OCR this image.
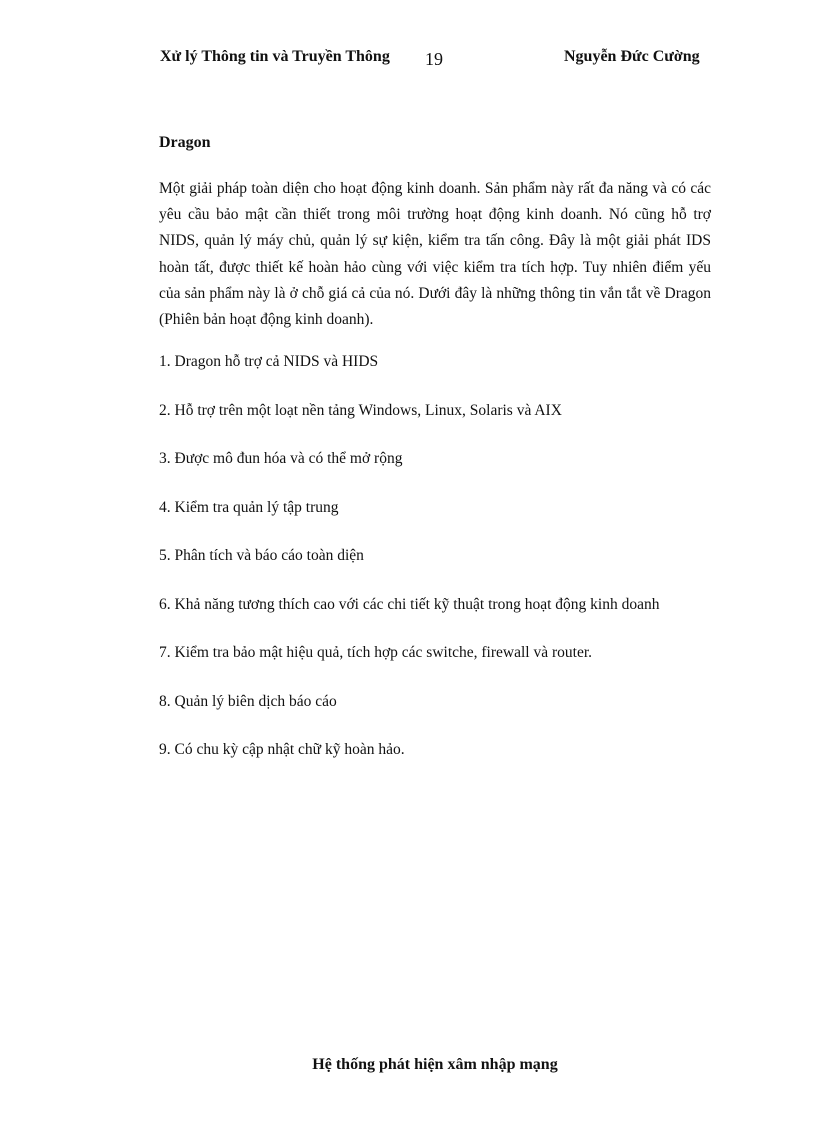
Xử lý Thông tin và Truyền Thông 19	Nguyễn Đức Cường
Dragon

Một giải pháp toàn diện cho hoạt động kinh doanh. Sản phẩm này rất đa năng và có các yêu cầu bảo mật cần thiết trong môi trường hoạt động kinh doanh. Nó cũng hỗ trợ NIDS, quản lý máy chủ, quản lý sự kiện, kiểm tra tấn công. Đây là một giải phát IDS hoàn tất, được thiết kế hoàn hảo cùng với việc kiểm tra tích hợp. Tuy nhiên điểm yếu của sản phẩm này là ở chỗ giá cả của nó. Dưới đây là những thông tin vắn tắt về Dragon (Phiên bản hoạt động kinh doanh).

1. Dragon hỗ trợ cả NIDS và HIDS
2. Hỗ trợ trên một loạt nền tảng Windows, Linux, Solaris và AIX
3. Được mô đun hóa và có thể mở rộng
4. Kiểm tra quản lý tập trung
5. Phân tích và báo cáo toàn diện
6. Khả năng tương thích cao với các chi tiết kỹ thuật trong hoạt động kinh doanh
7. Kiểm tra bảo mật hiệu quả, tích hợp các switche, firewall và router.
8. Quản lý biên dịch báo cáo
9. Có chu kỳ cập nhật chữ kỹ hoàn hảo.
Hệ thống phát hiện xâm nhập mạng
